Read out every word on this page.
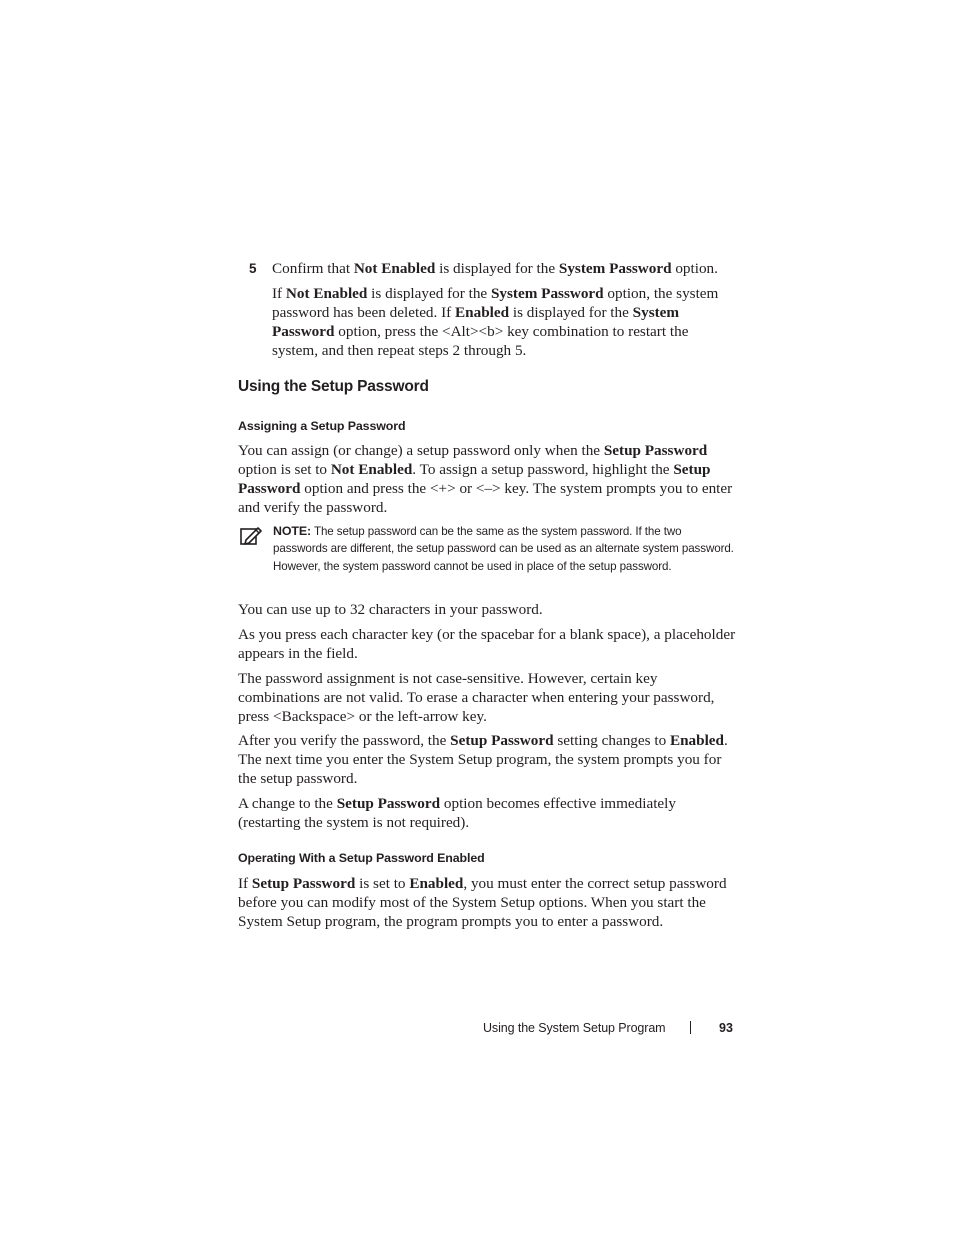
5 Confirm that Not Enabled is displayed for the System Password option.

If Not Enabled is displayed for the System Password option, the system password has been deleted. If Enabled is displayed for the System Password option, press the <Alt><b> key combination to restart the system, and then repeat steps 2 through 5.

Using the Setup Password
Assigning a Setup Password

You can assign (or change) a setup password only when the Setup Password option is set to Not Enabled. To assign a setup password, highlight the Setup Password option and press the <+> or <–> key. The system prompts you to enter and verify the password.

NOTE: The setup password can be the same as the system password. If the two passwords are different, the setup password can be used as an alternate system password. However, the system password cannot be used in place of the setup password.

You can use up to 32 characters in your password.

As you press each character key (or the spacebar for a blank space), a placeholder appears in the field.

The password assignment is not case-sensitive. However, certain key combinations are not valid. To erase a character when entering your password, press <Backspace> or the left-arrow key.

After you verify the password, the Setup Password setting changes to Enabled. The next time you enter the System Setup program, the system prompts you for the setup password.

A change to the Setup Password option becomes effective immediately (restarting the system is not required).

Operating With a Setup Password Enabled

If Setup Password is set to Enabled, you must enter the correct setup password before you can modify most of the System Setup options. When you start the System Setup program, the program prompts you to enter a password.

Using the System Setup Program	93
